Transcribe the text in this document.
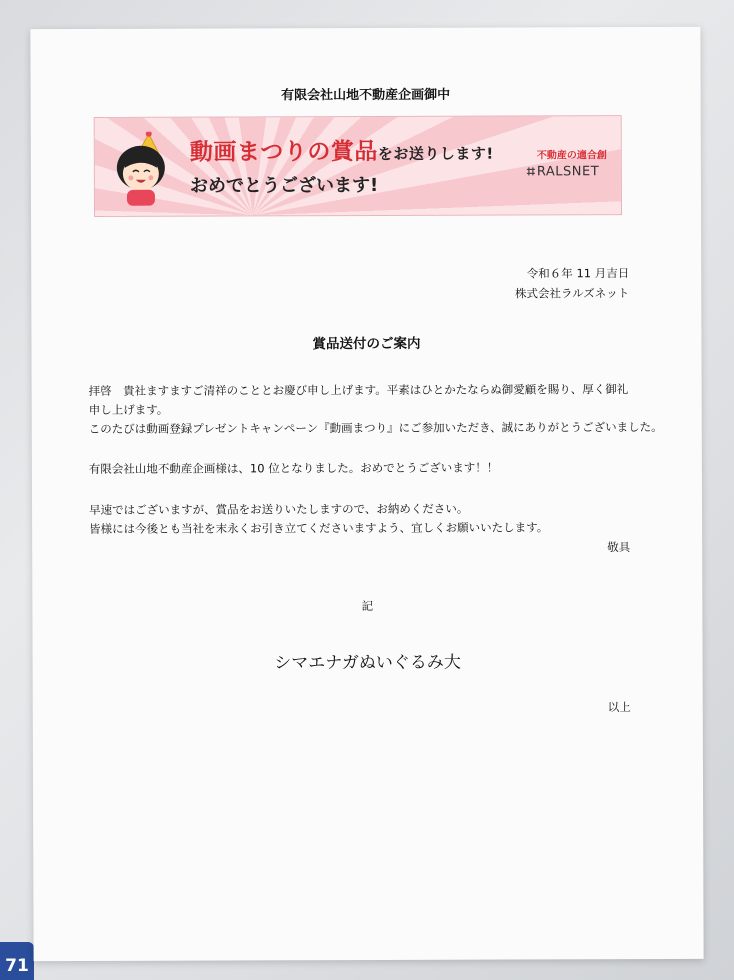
71
有限会社山地不動産企画御中
動画まつりの賞品をお送りします!
おめでとうございます!
不動産の適合創
RALSNET
令和６年 11 月吉日
株式会社ラルズネット
賞品送付のご案内
拝啓　貴社ますますご清祥のこととお慶び申し上げます。平素はひとかたならぬ御愛顧を賜り、厚く御礼
申し上げます。
このたびは動画登録プレゼントキャンペーン『動画まつり』にご参加いただき、誠にありがとうございました。
有限会社山地不動産企画様は、10 位となりました。おめでとうございます！！
早速ではございますが、賞品をお送りいたしますので、お納めください。
皆様には今後とも当社を末永くお引き立てくださいますよう、宜しくお願いいたします。
敬具
記
シマエナガぬいぐるみ大
以上
